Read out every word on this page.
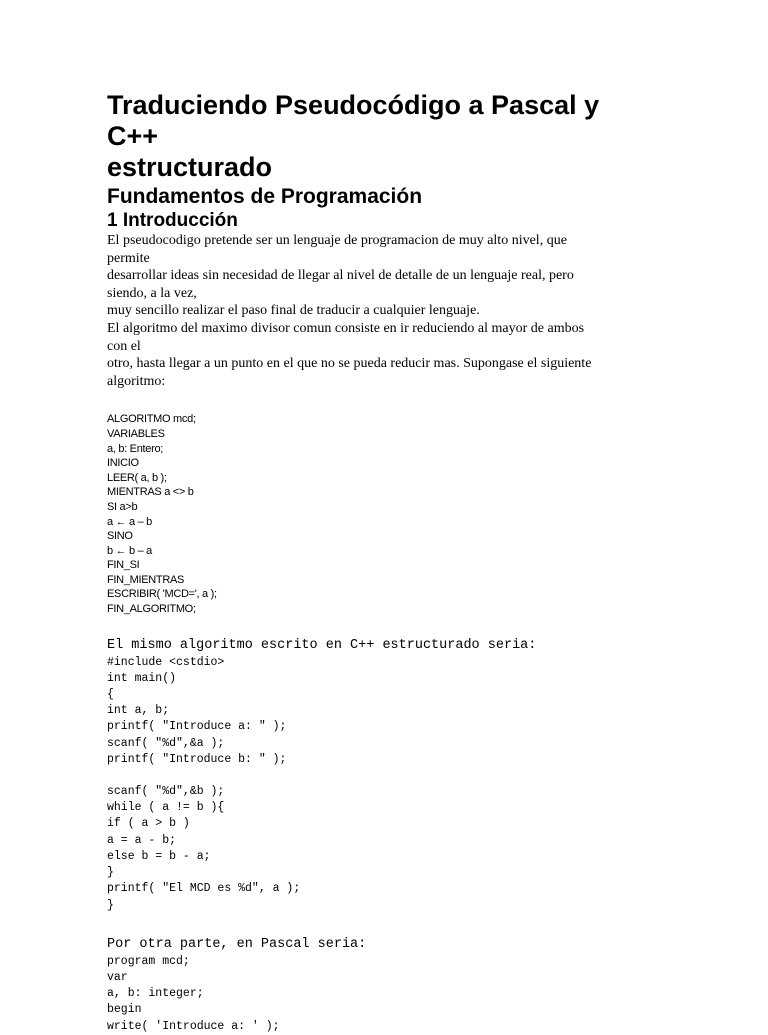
Traduciendo Pseudocódigo a Pascal y
C++
estructurado
Fundamentos de Programación
1 Introducción
El pseudocodigo pretende ser un lenguaje de programacion de muy alto nivel, que
permite
desarrollar ideas sin necesidad de llegar al nivel de detalle de un lenguaje real, pero
siendo, a la vez,
muy sencillo realizar el paso final de traducir a cualquier lenguaje.
El algoritmo del maximo divisor comun consiste en ir reduciendo al mayor de ambos
con el
otro, hasta llegar a un punto en el que no se pueda reducir mas. Supongase el siguiente
algoritmo:
ALGORITMO mcd;
VARIABLES
a, b: Entero;
INICIO
LEER( a, b );
MIENTRAS a <> b
SI a>b
a ← a – b
SINO
b ← b – a
FIN_SI
FIN_MIENTRAS
ESCRIBIR( 'MCD=', a );
FIN_ALGORITMO;
El mismo algoritmo escrito en C++ estructurado seria:
#include <cstdio>
int main()
{
int a, b;
printf( "Introduce a: " );
scanf( "%d",&a );
printf( "Introduce b: " );
scanf( "%d",&b );
while ( a != b ){
if ( a > b )
a = a - b;
else b = b - a;
}
printf( "El MCD es %d", a );
}
Por otra parte, en Pascal seria:
program mcd;
var
a, b: integer;
begin
write( 'Introduce a: ' );
